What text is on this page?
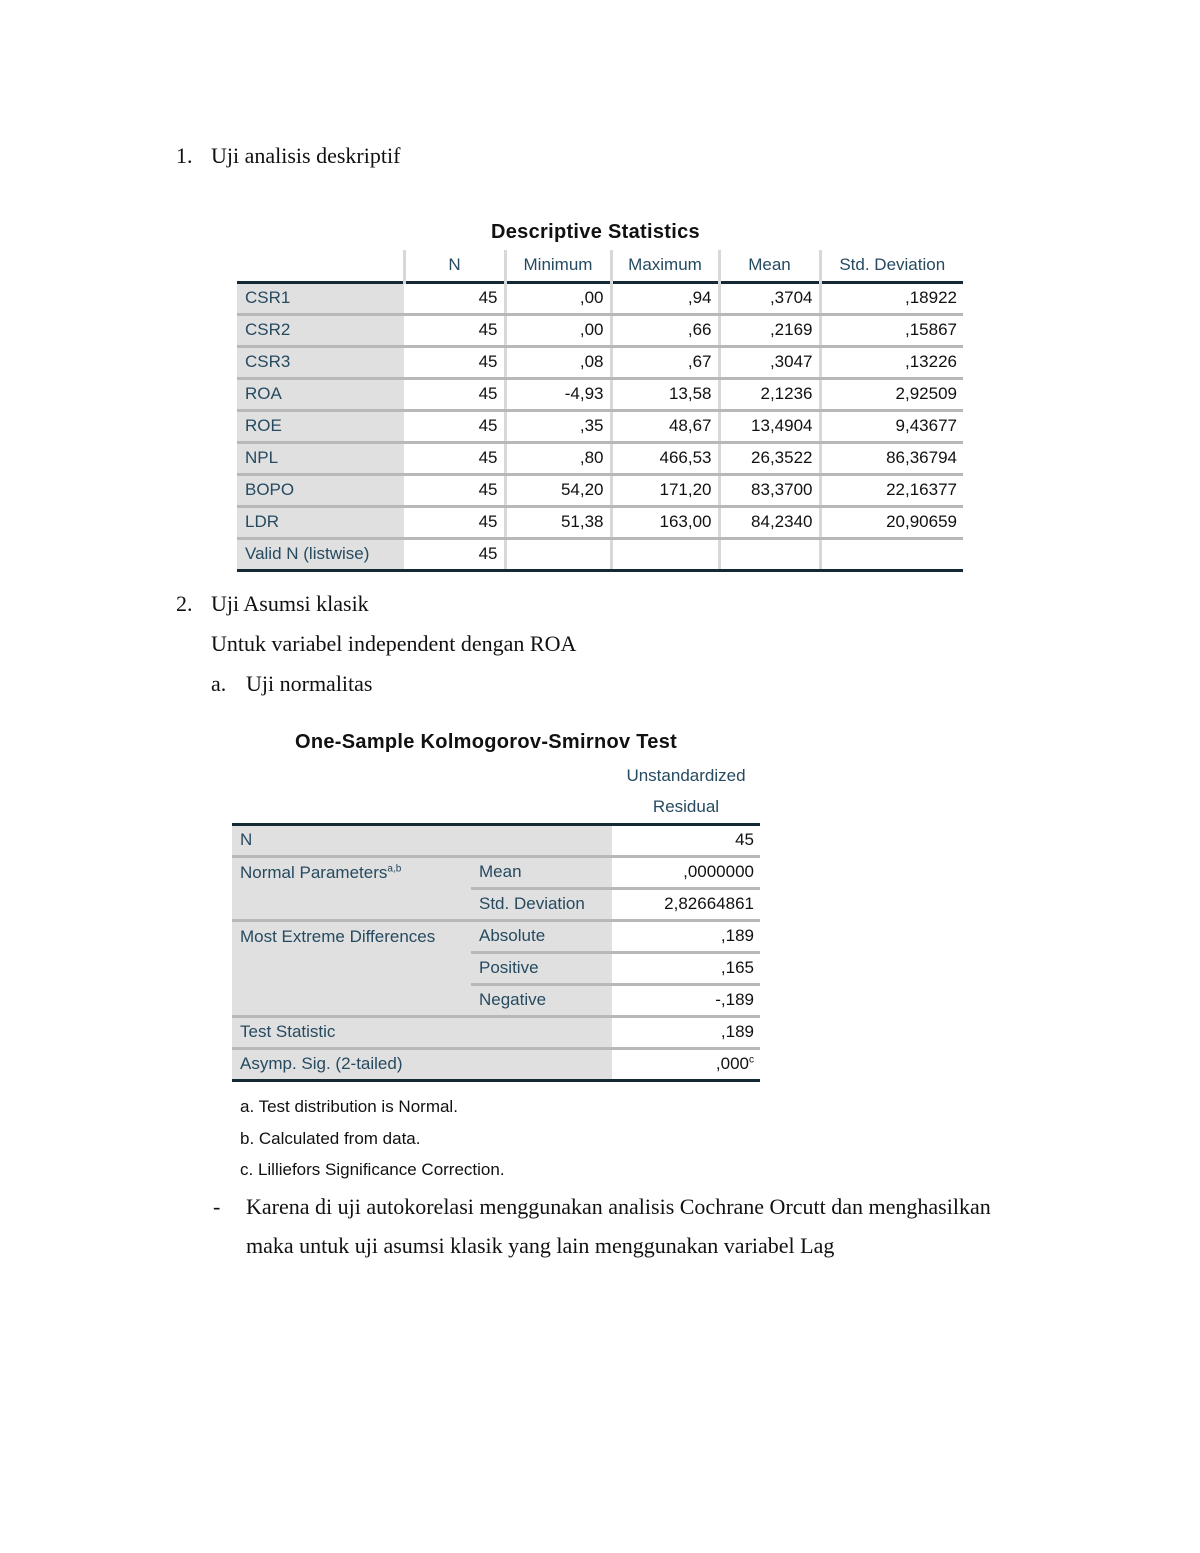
1. Uji analisis deskriptif
Descriptive Statistics
	N	Minimum	Maximum	Mean	Std. Deviation
CSR1	45	,00	,94	,3704	,18922
CSR2	45	,00	,66	,2169	,15867
CSR3	45	,08	,67	,3047	,13226
ROA	45	-4,93	13,58	2,1236	2,92509
ROE	45	,35	48,67	13,4904	9,43677
NPL	45	,80	466,53	26,3522	86,36794
BOPO	45	54,20	171,20	83,3700	22,16377
LDR	45	51,38	163,00	84,2340	20,90659
Valid N (listwise)	45				
2. Uji Asumsi klasik
Untuk variabel independent dengan ROA
a. Uji normalitas
One-Sample Kolmogorov-Smirnov Test
		Unstandardized
		Residual
N		45
Normal Parameters$^{a,b}$	Mean	,0000000
	Std. Deviation	2,82664861
Most Extreme Differences	Absolute	,189
	Positive	,165
	Negative	-,189
Test Statistic		,189
Asymp. Sig. (2-tailed)		,000$^c$
a. Test distribution is Normal.
b. Calculated from data.
c. Lilliefors Significance Correction.
- Karena di uji autokorelasi menggunakan analisis Cochrane Orcutt dan menghasilkan
maka untuk uji asumsi klasik yang lain menggunakan variabel Lag
